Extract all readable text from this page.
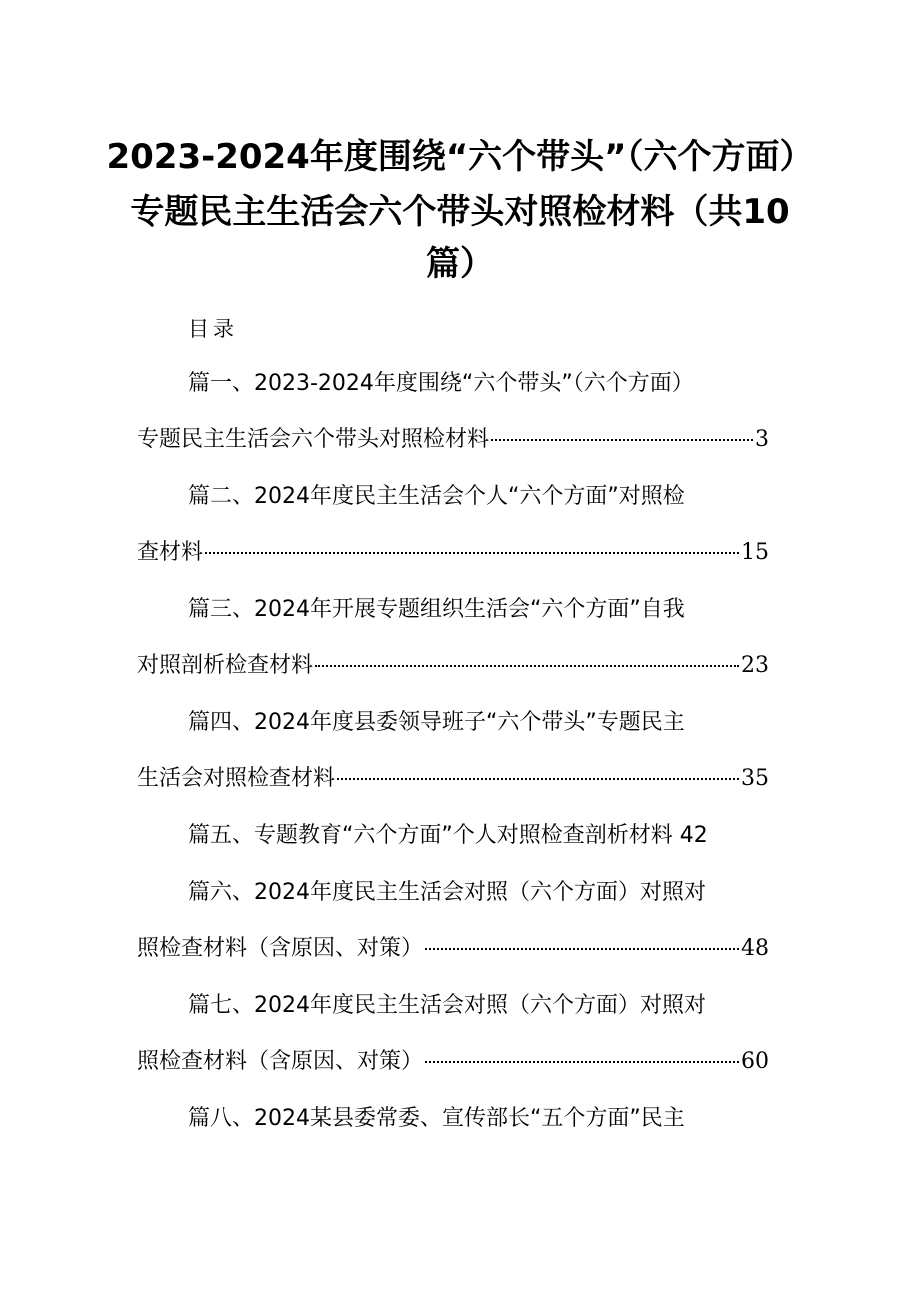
2023-2024年度围绕“六个带头”（六个方面）
专题民主生活会六个带头对照检材料（共10
篇）
目录
篇一、2023-2024年度围绕“六个带头”（六个方面）
专题民主生活会六个带头对照检材料	3
篇二、2024年度民主生活会个人“六个方面”对照检
查材料	15
篇三、2024年开展专题组织生活会“六个方面”自我
对照剖析检查材料	23
篇四、2024年度县委领导班子“六个带头”专题民主
生活会对照检查材料	35
篇五、专题教育“六个方面”个人对照检查剖析材料 42
篇六、2024年度民主生活会对照（六个方面）对照对
照检查材料（含原因、对策）	48
篇七、2024年度民主生活会对照（六个方面）对照对
照检查材料（含原因、对策）	60
篇八、2024某县委常委、宣传部长“五个方面”民主
